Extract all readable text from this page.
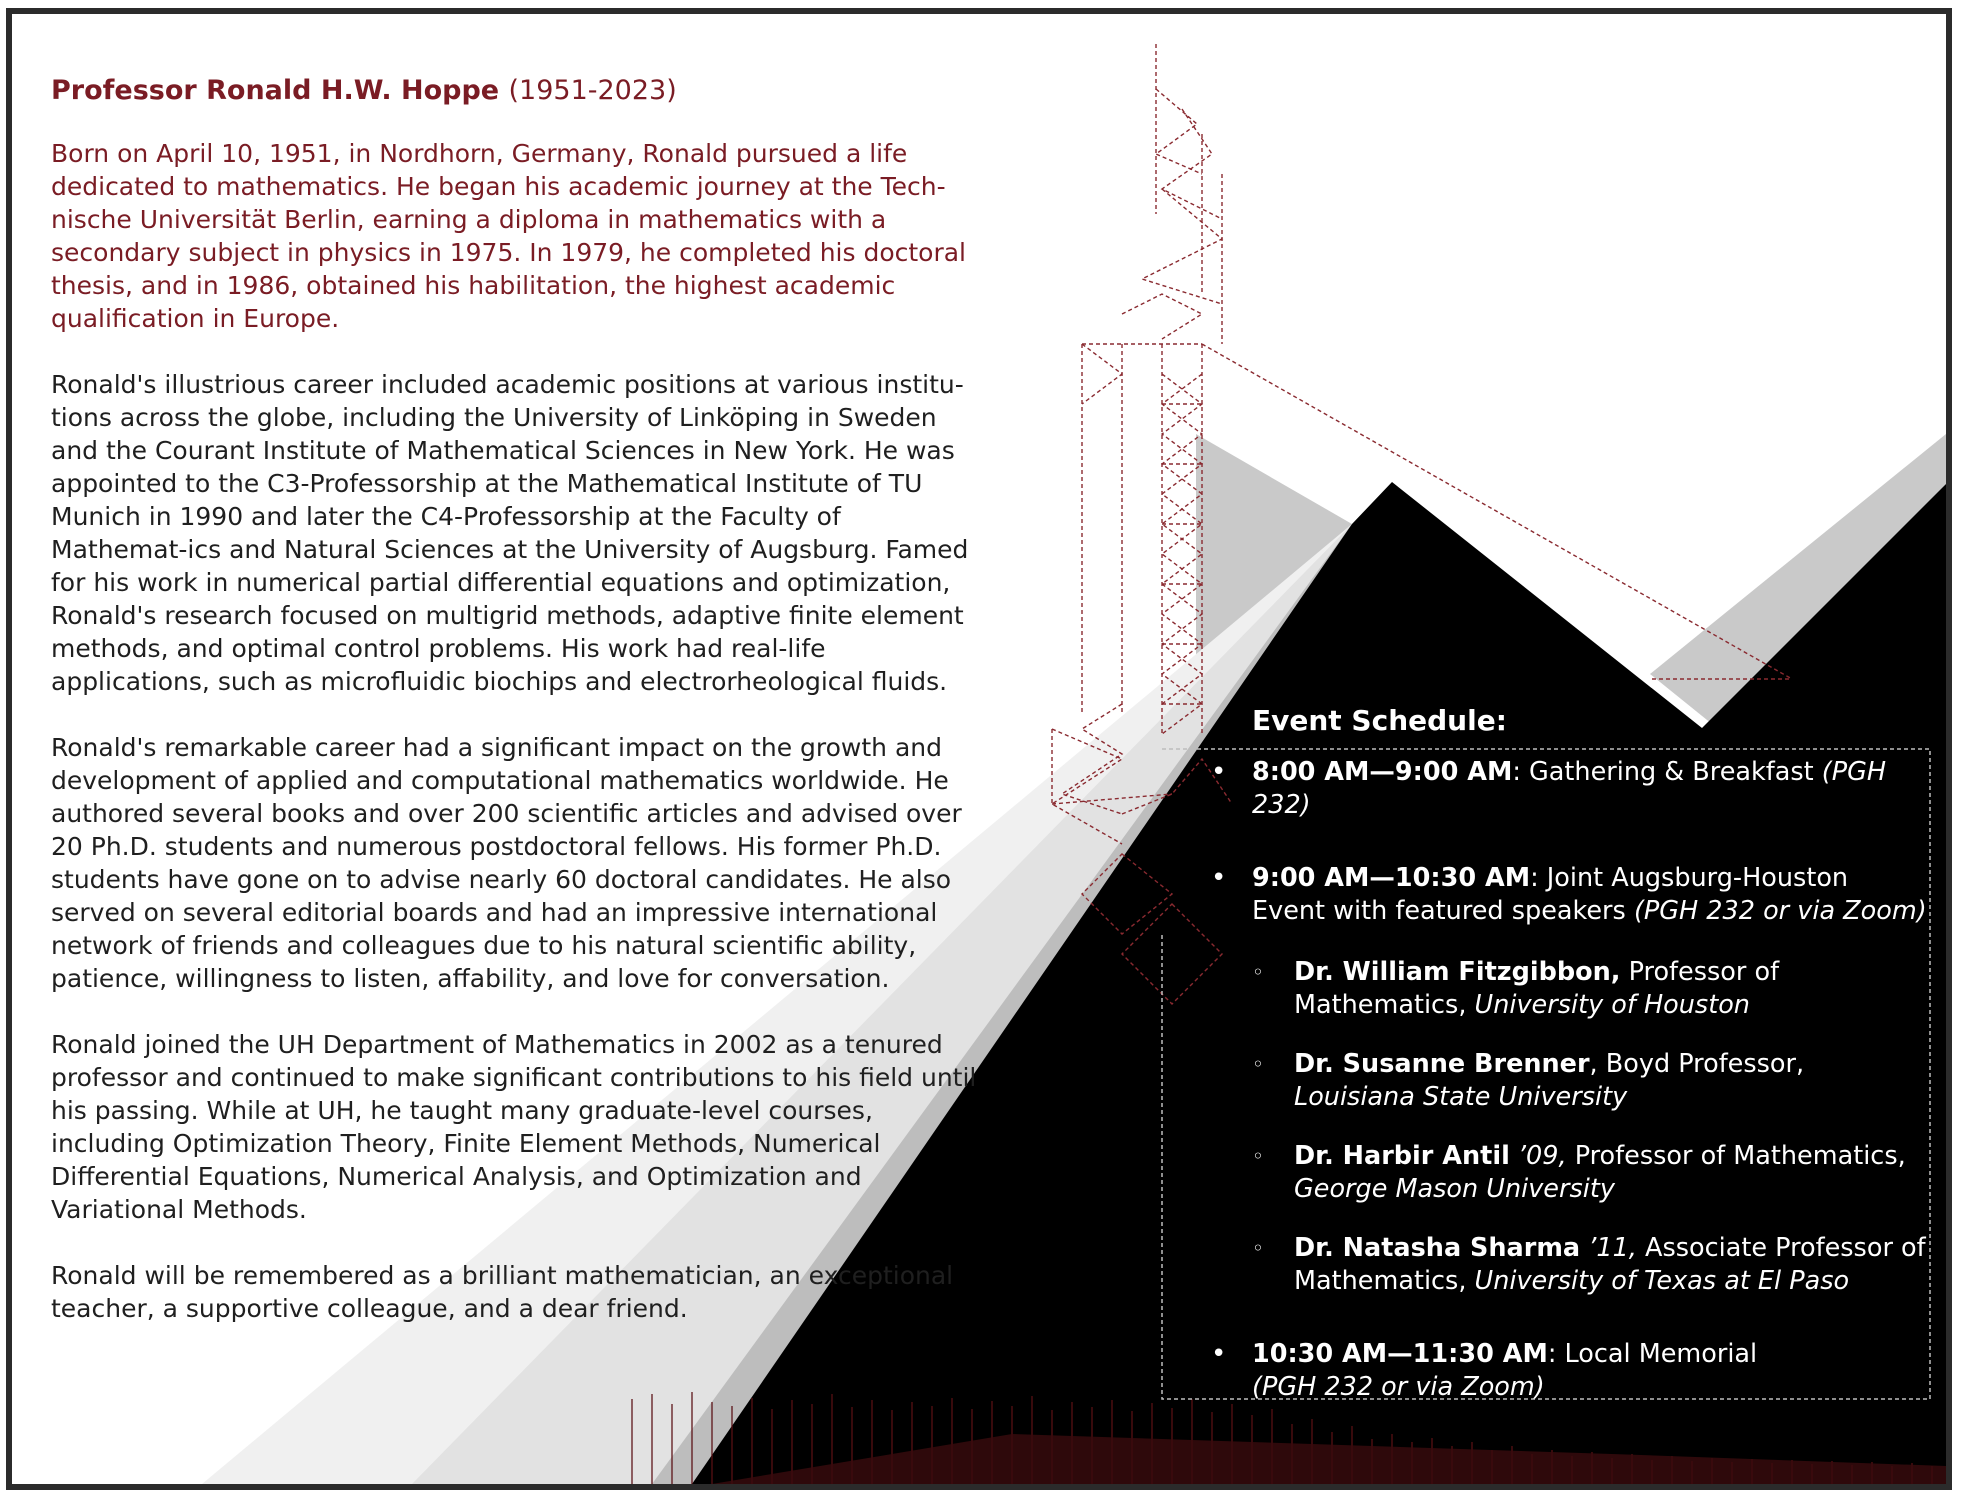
Professor Ronald H.W. Hoppe (1951-2023)

Born on April 10, 1951, in Nordhorn, Germany, Ronald pursued a life dedicated to mathematics. He began his academic journey at the Tech-nische Universität Berlin, earning a diploma in mathematics with a secondary subject in physics in 1975. In 1979, he completed his doctoral thesis, and in 1986, obtained his habilitation, the highest academic qualification in Europe.

Ronald's illustrious career included academic positions at various institu-tions across the globe, including the University of Linköping in Sweden and the Courant Institute of Mathematical Sciences in New York. He was appointed to the C3-Professorship at the Mathematical Institute of TU Munich in 1990 and later the C4-Professorship at the Faculty of Mathemat-ics and Natural Sciences at the University of Augsburg. Famed for his work in numerical partial differential equations and optimization, Ronald's research focused on multigrid methods, adaptive finite element methods, and optimal control problems. His work had real-life applications, such as microfluidic biochips and electrorheological fluids.

Ronald's remarkable career had a significant impact on the growth and development of applied and computational mathematics worldwide. He authored several books and over 200 scientific articles and advised over 20 Ph.D. students and numerous postdoctoral fellows. His former Ph.D. students have gone on to advise nearly 60 doctoral candidates. He also served on several editorial boards and had an impressive international network of friends and colleagues due to his natural scientific ability, patience, willingness to listen, affability, and love for conversation.

Ronald joined the UH Department of Mathematics in 2002 as a tenured professor and continued to make significant contributions to his field until his passing. While at UH, he taught many graduate-level courses, including Optimization Theory, Finite Element Methods, Numerical Differential Equations, Numerical Analysis, and Optimization and Variational Methods.

Ronald will be remembered as a brilliant mathematician, an exceptional teacher, a supportive colleague, and a dear friend.

Event Schedule:
• 8:00 AM—9:00 AM: Gathering & Breakfast (PGH 232)
• 9:00 AM—10:30 AM: Joint Augsburg-Houston Event with featured speakers (PGH 232 or via Zoom)
◦ Dr. William Fitzgibbon, Professor of Mathematics, University of Houston
◦ Dr. Susanne Brenner, Boyd Professor, Louisiana State University
◦ Dr. Harbir Antil ’09, Professor of Mathematics, George Mason University
◦ Dr. Natasha Sharma ’11, Associate Professor of Mathematics, University of Texas at El Paso
• 10:30 AM—11:30 AM: Local Memorial
(PGH 232 or via Zoom)
